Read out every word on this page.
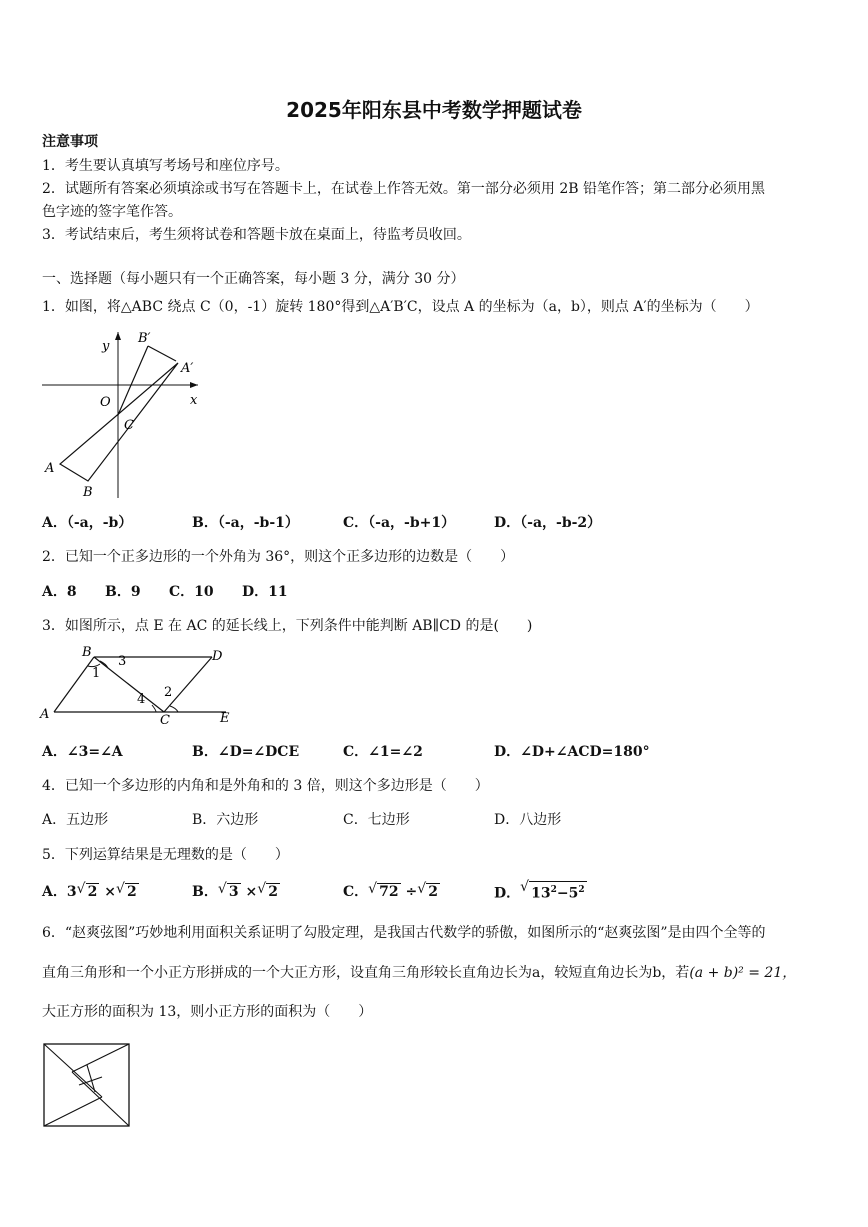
2025年阳东县中考数学押题试卷
注意事项
1．考生要认真填写考场号和座位序号。
2．试题所有答案必须填涂或书写在答题卡上，在试卷上作答无效。第一部分必须用 2B 铅笔作答；第二部分必须用黑
色字迹的签字笔作答。
3．考试结束后，考生须将试卷和答题卡放在桌面上，待监考员收回。
一、选择题（每小题只有一个正确答案，每小题 3 分，满分 30 分）
1．如图，将△ABC 绕点 C（0，-1）旋转 180°得到△A′B′C，设点 A 的坐标为（a，b），则点 A′的坐标为（　　）
y
x
O
C
A
B
A′
B′
A．（-a，-b）	B．（-a，-b-1）	C．（-a，-b+1）	D．（-a，-b-2）
2．已知一个正多边形的一个外角为 36°，则这个正多边形的边数是（　　）
A．8 B．9 C．10 D．11
3．如图所示，点 E 在 AC 的延长线上，下列条件中能判断 AB∥CD 的是(　　)
A
B
C
D
E
1
2
3
4
A．∠3=∠A	B．∠D=∠DCE	C．∠1=∠2	D．∠D+∠ACD=180°
4．已知一个多边形的内角和是外角和的 3 倍，则这个多边形是（　　）
A．五边形	B．六边形	C．七边形	D．八边形
5．下列运算结果是无理数的是（　　）
A．3 √ 2 × √ 2	B． √ 3 × √ 2	C． √ 72 ÷ √ 2	D． √ $13^2-5^2$
6．“赵爽弦图”巧妙地利用面积关系证明了勾股定理，是我国古代数学的骄傲，如图所示的“赵爽弦图”是由四个全等的
直角三角形和一个小正方形拼成的一个大正方形，设直角三角形较长直角边长为a，较短直角边长为b，若(a + b)² = 21，
大正方形的面积为 13，则小正方形的面积为（　　）
